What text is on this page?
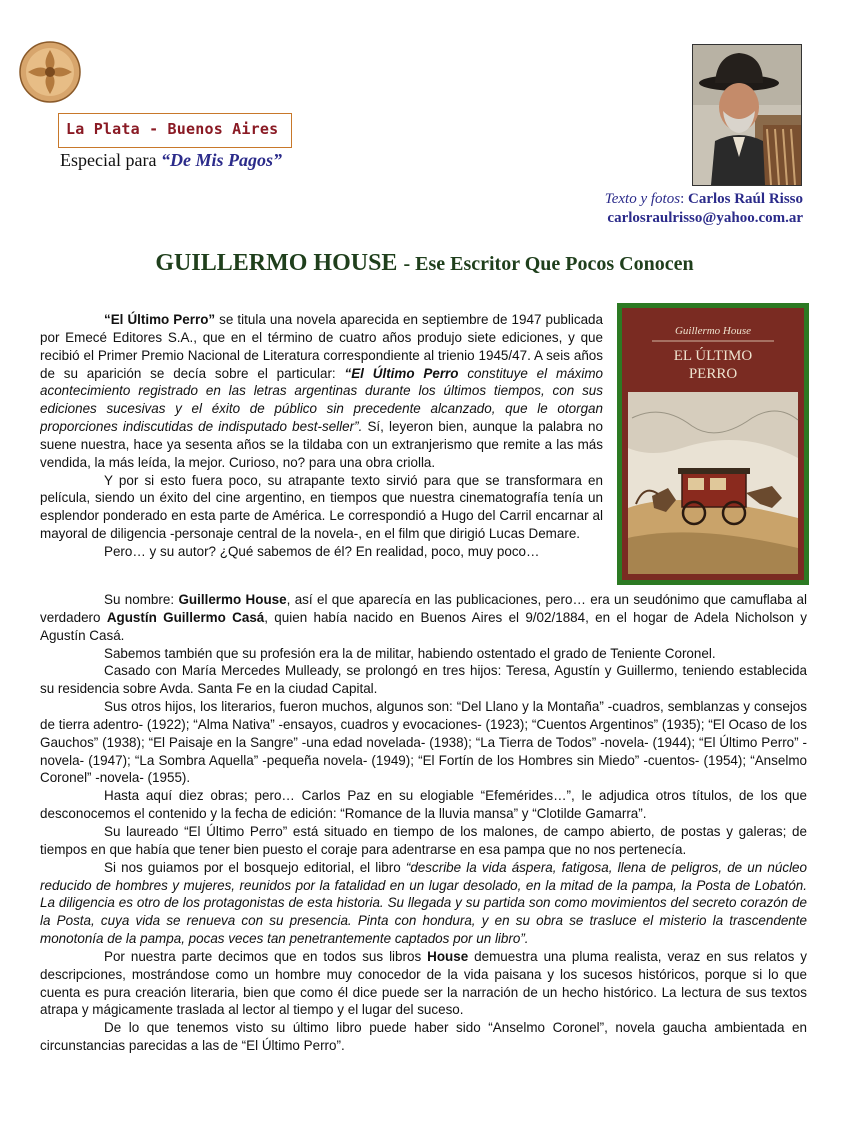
La Plata - Buenos Aires
Especial para “De Mis Pagos”
Texto y fotos: Carlos Raúl Risso
carlosraulrisso@yahoo.com.ar
GUILLERMO HOUSE - Ese Escritor Que Pocos Conocen
Guillermo House
EL ÚLTIMO
PERRO

“El Último Perro” se titula una novela aparecida en septiembre de 1947 publicada por Emecé Editores S.A., que en el término de cuatro años produjo siete ediciones, y que recibió el Primer Premio Nacional de Literatura correspondiente al trienio 1945/47. A seis años de su aparición se decía sobre el particular: “El Último Perro constituye el máximo acontecimiento registrado en las letras argentinas durante los últimos tiempos, con sus ediciones sucesivas y el éxito de público sin precedente alcanzado, que le otorgan proporciones indiscutidas de indisputado best-seller”. Sí, leyeron bien, aunque la palabra no suene nuestra, hace ya sesenta años se la tildaba con un extranjerismo que remite a las más vendida, la más leída, la mejor. Curioso, no? para una obra criolla.

Y por si esto fuera poco, su atrapante texto sirvió para que se transformara en película, siendo un éxito del cine argentino, en tiempos que nuestra cinematografía tenía un esplendor ponderado en esta parte de América. Le correspondió a Hugo del Carril encarnar al mayoral de diligencia -personaje central de la novela-, en el film que dirigió Lucas Demare.

Pero… y su autor? ¿Qué sabemos de él? En realidad, poco, muy poco…

Su nombre: Guillermo House, así el que aparecía en las publicaciones, pero… era un seudónimo que camuflaba al verdadero Agustín Guillermo Casá, quien había nacido en Buenos Aires el 9/02/1884, en el hogar de Adela Nicholson y Agustín Casá.

Sabemos también que su profesión era la de militar, habiendo ostentado el grado de Teniente Coronel.

Casado con María Mercedes Mulleady, se prolongó en tres hijos: Teresa, Agustín y Guillermo, teniendo establecida su residencia sobre Avda. Santa Fe en la ciudad Capital.

Sus otros hijos, los literarios, fueron muchos, algunos son: “Del Llano y la Montaña” -cuadros, semblanzas y consejos de tierra adentro- (1922); “Alma Nativa” -ensayos, cuadros y evocaciones- (1923); “Cuentos Argentinos” (1935); “El Ocaso de los Gauchos” (1938); “El Paisaje en la Sangre” -una edad novelada- (1938); “La Tierra de Todos” -novela- (1944); “El Último Perro” -novela- (1947); “La Sombra Aquella” -pequeña novela- (1949); “El Fortín de los Hombres sin Miedo” -cuentos- (1954); “Anselmo Coronel” -novela- (1955).

Hasta aquí diez obras; pero… Carlos Paz en su elogiable “Efemérides…”, le adjudica otros títulos, de los que desconocemos el contenido y la fecha de edición: “Romance de la lluvia mansa” y “Clotilde Gamarra”.

Su laureado “El Último Perro” está situado en tiempo de los malones, de campo abierto, de postas y galeras; de tiempos en que había que tener bien puesto el coraje para adentrarse en esa pampa que no nos pertenecía.

Si nos guiamos por el bosquejo editorial, el libro “describe la vida áspera, fatigosa, llena de peligros, de un núcleo reducido de hombres y mujeres, reunidos por la fatalidad en un lugar desolado, en la mitad de la pampa, la Posta de Lobatón. La diligencia es otro de los protagonistas de esta historia. Su llegada y su partida son como movimientos del secreto corazón de la Posta, cuya vida se renueva con su presencia. Pinta con hondura, y en su obra se trasluce el misterio la trascendente monotonía de la pampa, pocas veces tan penetrantemente captados por un libro”.

Por nuestra parte decimos que en todos sus libros House demuestra una pluma realista, veraz en sus relatos y descripciones, mostrándose como un hombre muy conocedor de la vida paisana y los sucesos históricos, porque si lo que cuenta es pura creación literaria, bien que como él dice puede ser la narración de un hecho histórico. La lectura de sus textos atrapa y mágicamente traslada al lector al tiempo y el lugar del suceso.

De lo que tenemos visto su último libro puede haber sido “Anselmo Coronel”, novela gaucha ambientada en circunstancias parecidas a las de “El Último Perro”.
